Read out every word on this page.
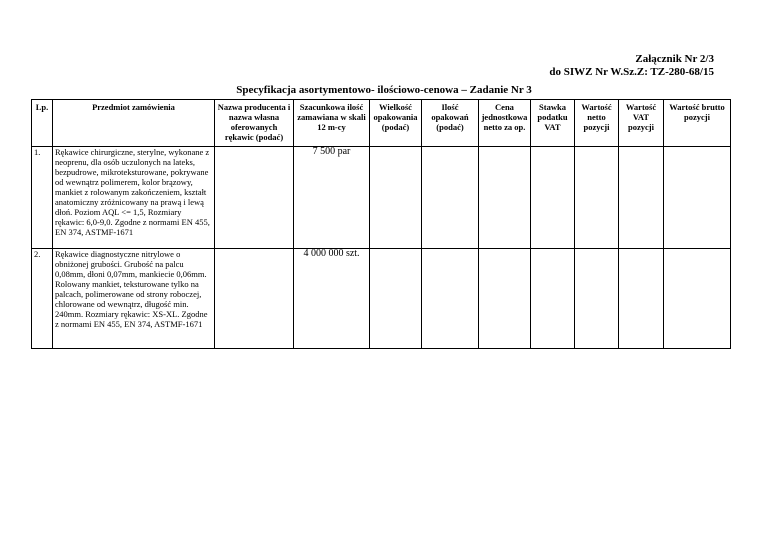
Załącznik Nr 2/3
do SIWZ Nr W.Sz.Z: TZ-280-68/15
Specyfikacja asortymentowo- ilościowo-cenowa – Zadanie Nr 3
Lp.	Przedmiot zamówienia	Nazwa producenta i nazwa własna oferowanych rękawic (podać)	Szacunkowa ilość zamawiana w skali 12 m-cy	Wielkość opakowania (podać)	Ilość opakowań (podać)	Cena jednostkowa netto za op.	Stawka podatku VAT	Wartość netto pozycji	Wartość VAT pozycji	Wartość brutto pozycji
1.	Rękawice chirurgiczne, sterylne, wykonane z neoprenu, dla osób uczulonych na lateks, bezpudrowe, mikroteksturowane, pokrywane od wewnątrz polimerem, kolor brązowy, mankiet z rolowanym zakończeniem, kształt anatomiczny zróżnicowany na prawą i lewą dłoń. Poziom AQL <= 1,5, Rozmiary rękawic: 6,0-9,0. Zgodne z normami EN 455, EN 374, ASTMF-1671		7 500 par							
2.	Rękawice diagnostyczne nitrylowe o obniżonej grubości. Grubość na palcu 0,08mm, dłoni 0,07mm, mankiecie 0,06mm. Rolowany mankiet, teksturowane tylko na palcach, polimerowane od strony roboczej, chlorowane od wewnątrz, długość min. 240mm. Rozmiary rękawic: XS-XL. Zgodne z normami EN 455, EN 374, ASTMF-1671		4 000 000 szt.							
